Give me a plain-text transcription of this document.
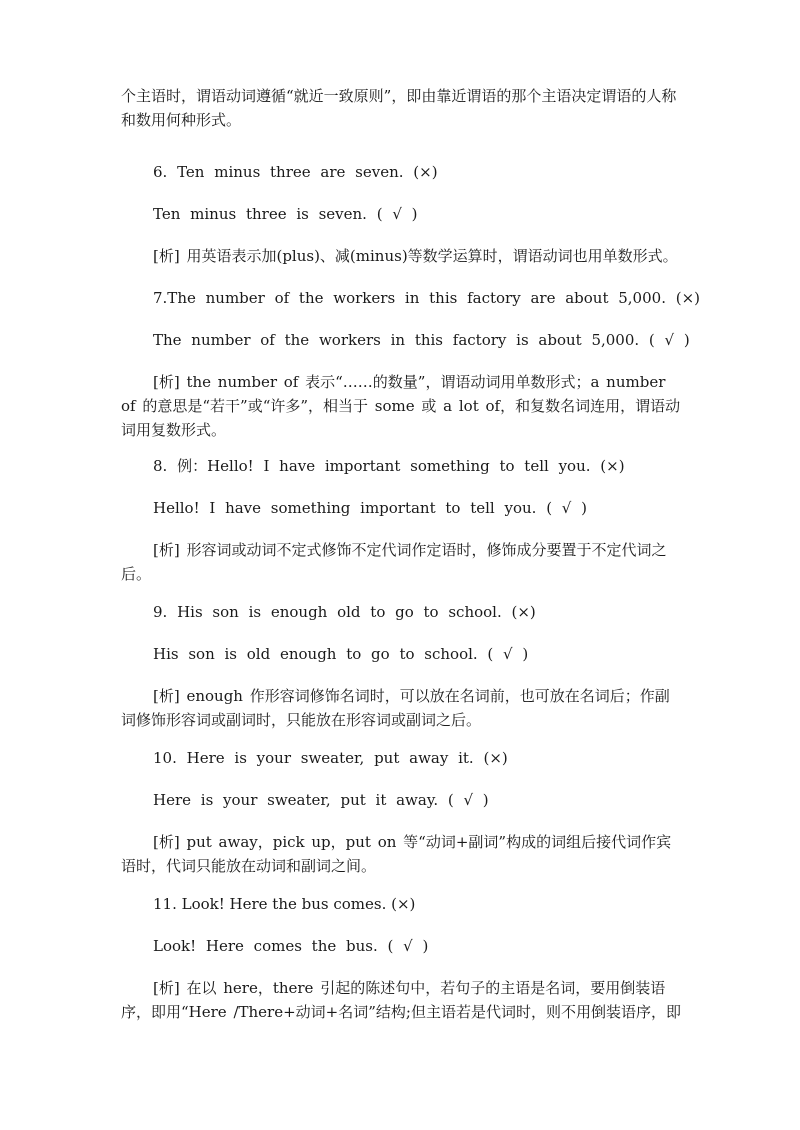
个主语时，谓语动词遵循“就近一致原则”，即由靠近谓语的那个主语决定谓语的人称和数用何种形式。

6. Ten minus three are seven. (×)

Ten minus three is seven. ( √ )

[析] 用英语表示加(plus)、减(minus)等数学运算时，谓语动词也用单数形式。

7.The number of the workers in this factory are about 5,000. (×)

The number of the workers in this factory is about 5,000. ( √ )

[析] the number of 表示“……的数量”，谓语动词用单数形式；a number of 的意思是“若干”或“许多”，相当于 some 或 a lot of，和复数名词连用，谓语动词用复数形式。

8. 例：Hello! I have important something to tell you. (×)

Hello! I have something important to tell you. ( √ )

[析] 形容词或动词不定式修饰不定代词作定语时，修饰成分要置于不定代词之后。

9. His son is enough old to go to school. (×)

His son is old enough to go to school. ( √ )

[析] enough 作形容词修饰名词时，可以放在名词前，也可放在名词后；作副词修饰形容词或副词时，只能放在形容词或副词之后。

10. Here is your sweater, put away it. (×)

Here is your sweater, put it away. ( √ )

[析] put away，pick up，put on 等“动词+副词”构成的词组后接代词作宾语时，代词只能放在动词和副词之间。

11. Look! Here the bus comes. (×)

Look! Here comes the bus. ( √ )

[析] 在以 here，there 引起的陈述句中，若句子的主语是名词，要用倒装语序，即用“Here /There+动词+名词”结构;但主语若是代词时，则不用倒装语序，即
